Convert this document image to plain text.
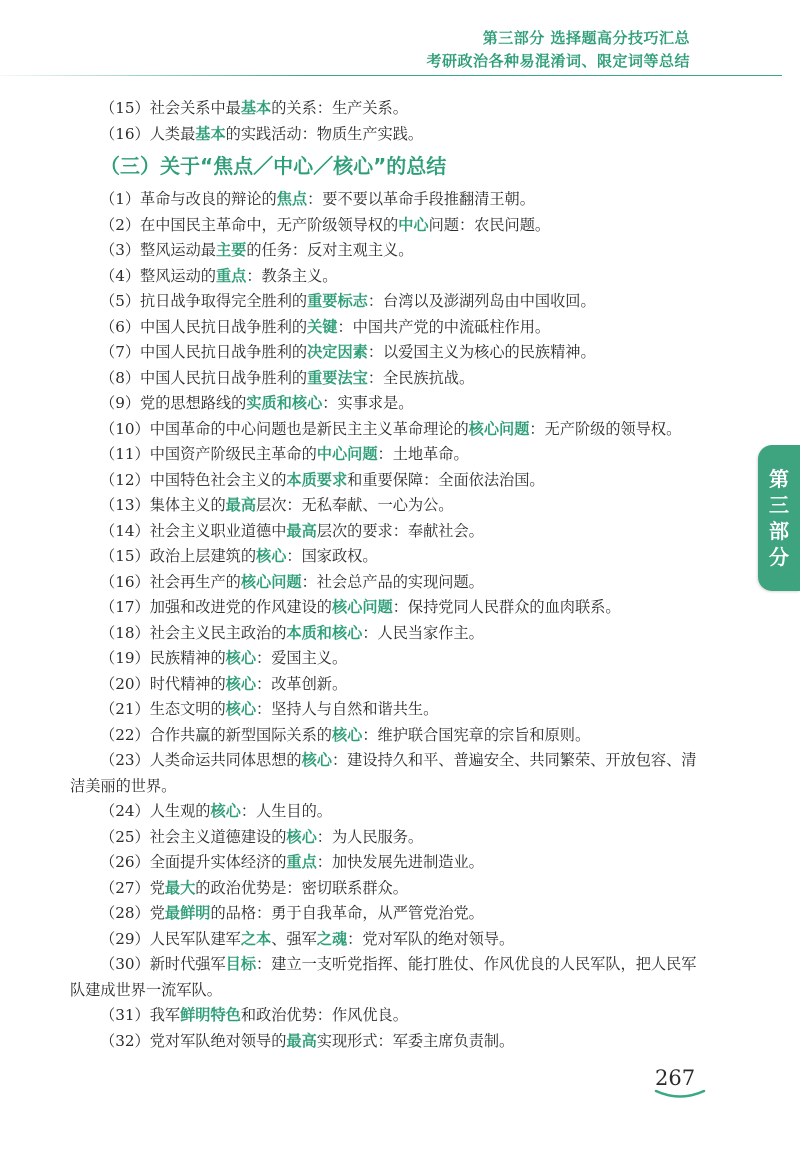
第三部分 选择题高分技巧汇总
考研政治各种易混淆词、限定词等总结
（15）社会关系中最基本的关系：生产关系。
（16）人类最基本的实践活动：物质生产实践。
（三）关于“焦点／中心／核心”的总结
（1）革命与改良的辩论的焦点：要不要以革命手段推翻清王朝。
（2）在中国民主革命中，无产阶级领导权的中心问题：农民问题。
（3）整风运动最主要的任务：反对主观主义。
（4）整风运动的重点：教条主义。
（5）抗日战争取得完全胜利的重要标志：台湾以及澎湖列岛由中国收回。
（6）中国人民抗日战争胜利的关键：中国共产党的中流砥柱作用。
（7）中国人民抗日战争胜利的决定因素：以爱国主义为核心的民族精神。
（8）中国人民抗日战争胜利的重要法宝：全民族抗战。
（9）党的思想路线的实质和核心：实事求是。
（10）中国革命的中心问题也是新民主主义革命理论的核心问题：无产阶级的领导权。
（11）中国资产阶级民主革命的中心问题：土地革命。
（12）中国特色社会主义的本质要求和重要保障：全面依法治国。
（13）集体主义的最高层次：无私奉献、一心为公。
（14）社会主义职业道德中最高层次的要求：奉献社会。
（15）政治上层建筑的核心：国家政权。
（16）社会再生产的核心问题：社会总产品的实现问题。
（17）加强和改进党的作风建设的核心问题：保持党同人民群众的血肉联系。
（18）社会主义民主政治的本质和核心：人民当家作主。
（19）民族精神的核心：爱国主义。
（20）时代精神的核心：改革创新。
（21）生态文明的核心：坚持人与自然和谐共生。
（22）合作共赢的新型国际关系的核心：维护联合国宪章的宗旨和原则。
（23）人类命运共同体思想的核心：建设持久和平、普遍安全、共同繁荣、开放包容、清洁美丽的世界。
（24）人生观的核心：人生目的。
（25）社会主义道德建设的核心：为人民服务。
（26）全面提升实体经济的重点：加快发展先进制造业。
（27）党最大的政治优势是：密切联系群众。
（28）党最鲜明的品格：勇于自我革命，从严管党治党。
（29）人民军队建军之本、强军之魂：党对军队的绝对领导。
（30）新时代强军目标：建立一支听党指挥、能打胜仗、作风优良的人民军队，把人民军队建成世界一流军队。
（31）我军鲜明特色和政治优势：作风优良。
（32）党对军队绝对领导的最高实现形式：军委主席负责制。
第
三
部
分
267
